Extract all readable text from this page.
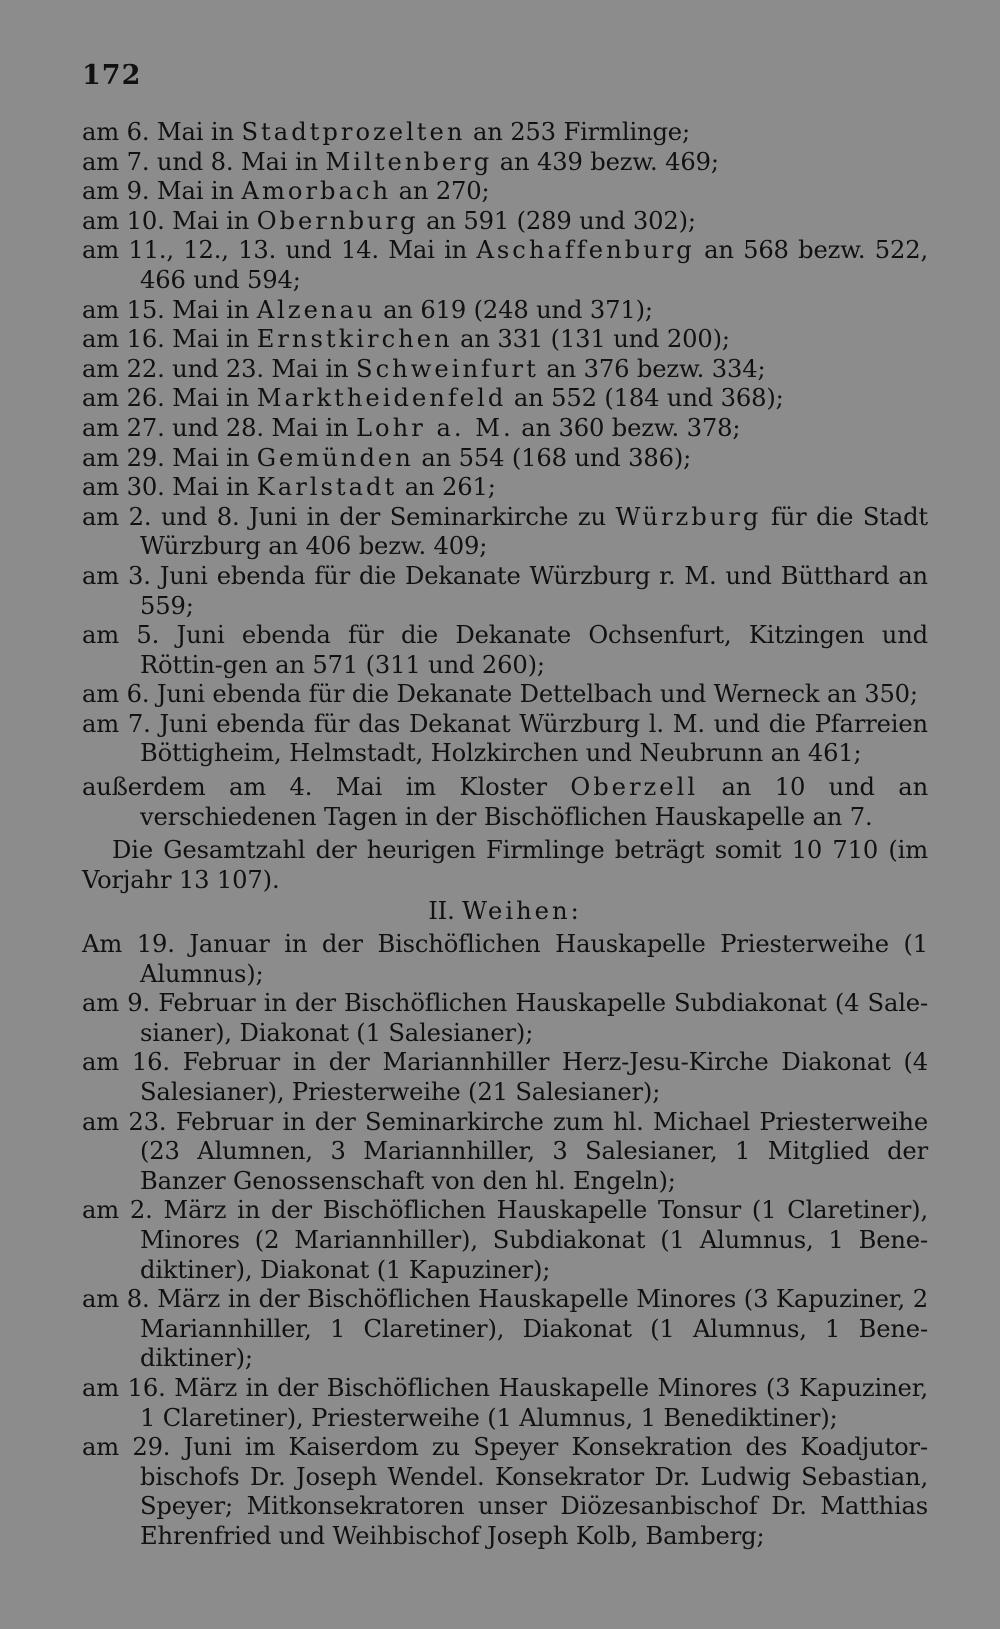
172
am 6. Mai in Stadtprozelten an 253 Firmlinge;
am 7. und 8. Mai in Miltenberg an 439 bezw. 469;
am 9. Mai in Amorbach an 270;
am 10. Mai in Obernburg an 591 (289 und 302);
am 11., 12., 13. und 14. Mai in Aschaffenburg an 568 bezw. 522, 466 und 594;
am 15. Mai in Alzenau an 619 (248 und 371);
am 16. Mai in Ernstkirchen an 331 (131 und 200);
am 22. und 23. Mai in Schweinfurt an 376 bezw. 334;
am 26. Mai in Marktheidenfeld an 552 (184 und 368);
am 27. und 28. Mai in Lohr a. M. an 360 bezw. 378;
am 29. Mai in Gemünden an 554 (168 und 386);
am 30. Mai in Karlstadt an 261;
am 2. und 8. Juni in der Seminarkirche zu Würzburg für die Stadt Würzburg an 406 bezw. 409;
am 3. Juni ebenda für die Dekanate Würzburg r. M. und Bütthard an 559;
am 5. Juni ebenda für die Dekanate Ochsenfurt, Kitzingen und Röttin-gen an 571 (311 und 260);
am 6. Juni ebenda für die Dekanate Dettelbach und Werneck an 350;
am 7. Juni ebenda für das Dekanat Würzburg l. M. und die Pfarreien Böttigheim, Helmstadt, Holzkirchen und Neubrunn an 461;
außerdem am 4. Mai im Kloster Oberzell an 10 und an verschiedenen Tagen in der Bischöflichen Hauskapelle an 7.
Die Gesamtzahl der heurigen Firmlinge beträgt somit 10 710 (im Vorjahr 13 107).
II. Weihen:
Am 19. Januar in der Bischöflichen Hauskapelle Priesterweihe (1 Alumnus);
am 9. Februar in der Bischöflichen Hauskapelle Subdiakonat (4 Sale-sianer), Diakonat (1 Salesianer);
am 16. Februar in der Mariannhiller Herz-Jesu-Kirche Diakonat (4 Salesianer), Priesterweihe (21 Salesianer);
am 23. Februar in der Seminarkirche zum hl. Michael Priesterweihe (23 Alumnen, 3 Mariannhiller, 3 Salesianer, 1 Mitglied der Banzer Genossenschaft von den hl. Engeln);
am 2. März in der Bischöflichen Hauskapelle Tonsur (1 Claretiner), Minores (2 Mariannhiller), Subdiakonat (1 Alumnus, 1 Bene-diktiner), Diakonat (1 Kapuziner);
am 8. März in der Bischöflichen Hauskapelle Minores (3 Kapuziner, 2 Mariannhiller, 1 Claretiner), Diakonat (1 Alumnus, 1 Bene-diktiner);
am 16. März in der Bischöflichen Hauskapelle Minores (3 Kapuziner, 1 Claretiner), Priesterweihe (1 Alumnus, 1 Benediktiner);
am 29. Juni im Kaiserdom zu Speyer Konsekration des Koadjutor-bischofs Dr. Joseph Wendel. Konsekrator Dr. Ludwig Sebastian, Speyer; Mitkonsekratoren unser Diözesanbischof Dr. Matthias Ehrenfried und Weihbischof Joseph Kolb, Bamberg;
